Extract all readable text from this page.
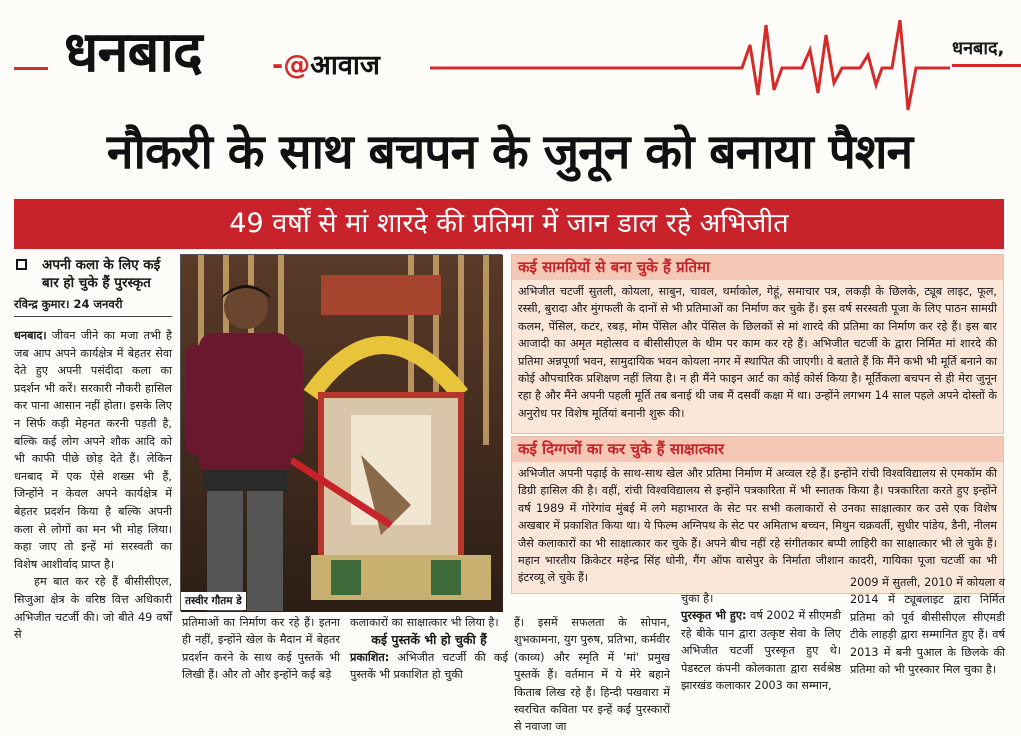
धनबाद	-@आवाज
धनबाद,
नौकरी के साथ बचपन के जुनून को बनाया पैशन
49 वर्षों से मां शारदे की प्रतिमा में जान डाल रहे अभिजीत
अपनी कला के लिए कई बार हो चुके हैं पुरस्कृत
रविन्द्र कुमार। 24 जनवरी
धनबाद। जीवन जीने का मजा तभी है जब आप अपने कार्यक्षेत्र में बेहतर सेवा देते हुए अपनी पसंदीदा कला का प्रदर्शन भी करें। सरकारी नौकरी हासिल कर पाना आसान नहीं होता। इसके लिए न सिर्फ कड़ी मेहनत करनी पड़ती है, बल्कि कई लोग अपने शौक आदि को भी काफी पीछे छोड़ देते हैं। लेकिन धनबाद में एक ऐसे शख्स भी हैं, जिन्होंने न केवल अपने कार्यक्षेत्र में बेहतर प्रदर्शन किया है बल्कि अपनी कला से लोगों का मन भी मोह लिया। कहा जाए तो इन्हें मां सरस्वती का विशेष आशीर्वाद प्राप्त है।
हम बात कर रहे हैं बीसीसीएल, सिजुआ क्षेत्र के वरिष्ठ वित्त अधिकारी अभिजीत चटर्जी की। जो बीते 49 वर्षों से
तस्वीर गौतम डे
कई सामग्रियों से बना चुके हैं प्रतिमा
अभिजीत चटर्जी सुतली, कोयला, साबुन, चावल, थर्माकोल, गेहूं, समाचार पत्र, लकड़ी के छिलके, ट्यूब लाइट, फूल, रस्सी, बुरादा और मुंगफली के दानों से भी प्रतिमाओं का निर्माण कर चुके हैं। इस वर्ष सरस्वती पूजा के लिए पाठन सामग्री कलम, पेंसिल, कटर, रबड़, मोम पेंसिल और पेंसिल के छिलकों से मां शारदे की प्रतिमा का निर्माण कर रहे हैं। इस बार आजादी का अमृत महोत्सव व बीसीसीएल के थीम पर काम कर रहे हैं। अभिजीत चटर्जी के द्वारा निर्मित मां शारदे की प्रतिमा अन्नपूर्णा भवन, सामुदायिक भवन कोयला नगर में स्थापित की जाएगी। वे बताते हैं कि मैंने कभी भी मूर्ति बनाने का कोई औपचारिक प्रशिक्षण नहीं लिया है। न ही मैंने फाइन आर्ट का कोई कोर्स किया है। मूर्तिकला बचपन से ही मेरा जुनून रहा है और मैंने अपनी पहली मूर्ति तब बनाई थी जब मैं दसवीं कक्षा में था। उन्होंने लगभग 14 साल पहले अपने दोस्तों के अनुरोध पर विशेष मूर्तियां बनानी शुरू की।
कई दिग्गजों का कर चुके हैं साक्षात्कार
अभिजीत अपनी पढ़ाई के साथ-साथ खेल और प्रतिमा निर्माण में अव्वल रहे हैं। इन्होंने रांची विश्वविद्यालय से एमकॉम की डिग्री हासिल की है। वहीं, रांची विश्वविद्यालय से इन्होंने पत्रकारिता में भी स्नातक किया है। पत्रकारिता करते हुए इन्होंने वर्ष 1989 में गोरेगांव मुंबई में लगे महाभारत के सेट पर सभी कलाकारों से उनका साक्षात्कार कर उसे एक विशेष अखबार में प्रकाशित किया था। ये फिल्म अग्निपथ के सेट पर अमिताभ बच्चन, मिथुन चक्रवर्ती, सुधीर पांडेय, डैनी, नीलम जैसे कलाकारों का भी साक्षात्कार कर चुके हैं। अपने बीच नहीं रहे संगीतकार बप्पी लाहिरी का साक्षात्कार भी ले चुके हैं। महान भारतीय क्रिकेटर महेन्द्र सिंह धोनी, गैंग ऑफ वासेपुर के निर्माता जीशान कादरी, गायिका पूजा चटर्जी का भी इंटरव्यू ले चुके हैं।
प्रतिमाओं का निर्माण कर रहे हैं। इतना ही नहीं, इन्होंने खेल के मैदान में बेहतर प्रदर्शन करने के साथ कई पुस्तकें भी लिखी हैं। और तो और इन्होंने कई बड़े
कलाकारों का साक्षात्कार भी लिया है।
कई पुस्तकें भी हो चुकी हैं
प्रकाशित: अभिजीत चटर्जी की कई पुस्तकें भी प्रकाशित हो चुकी
हैं। इसमें सफलता के सोपान, शुभकामना, युग पुरुष, प्रतिभा, कर्मवीर (काव्य) और स्मृति में 'मां' प्रमुख पुस्तकें हैं। वर्तमान में ये मेरे बहाने किताब लिख रहे हैं। हिन्दी पखवारा में स्वरचित कविता पर इन्हें कई पुरस्कारों से नवाजा जा
चुका है।
पुरस्कृत भी हुए: वर्ष 2002 में सीएमडी रहे बीके पान द्वारा उत्कृष्ट सेवा के लिए अभिजीत चटर्जी पुरस्कृत हुए थे। पेडस्टल कंपनी कोलकाता द्वारा सर्वश्रेष्ठ झारखंड कलाकार 2003 का सम्मान,
2009 में सुतली, 2010 में कोयला व 2014 में ट्यूबलाइट द्वारा निर्मित प्रतिमा को पूर्व बीसीसीएल सीएमडी टीके लाहड़ी द्वारा सम्मानित हुए हैं। वर्ष 2013 में बनी पुआल के छिलके की प्रतिमा को भी पुरस्कार मिल चुका है।
